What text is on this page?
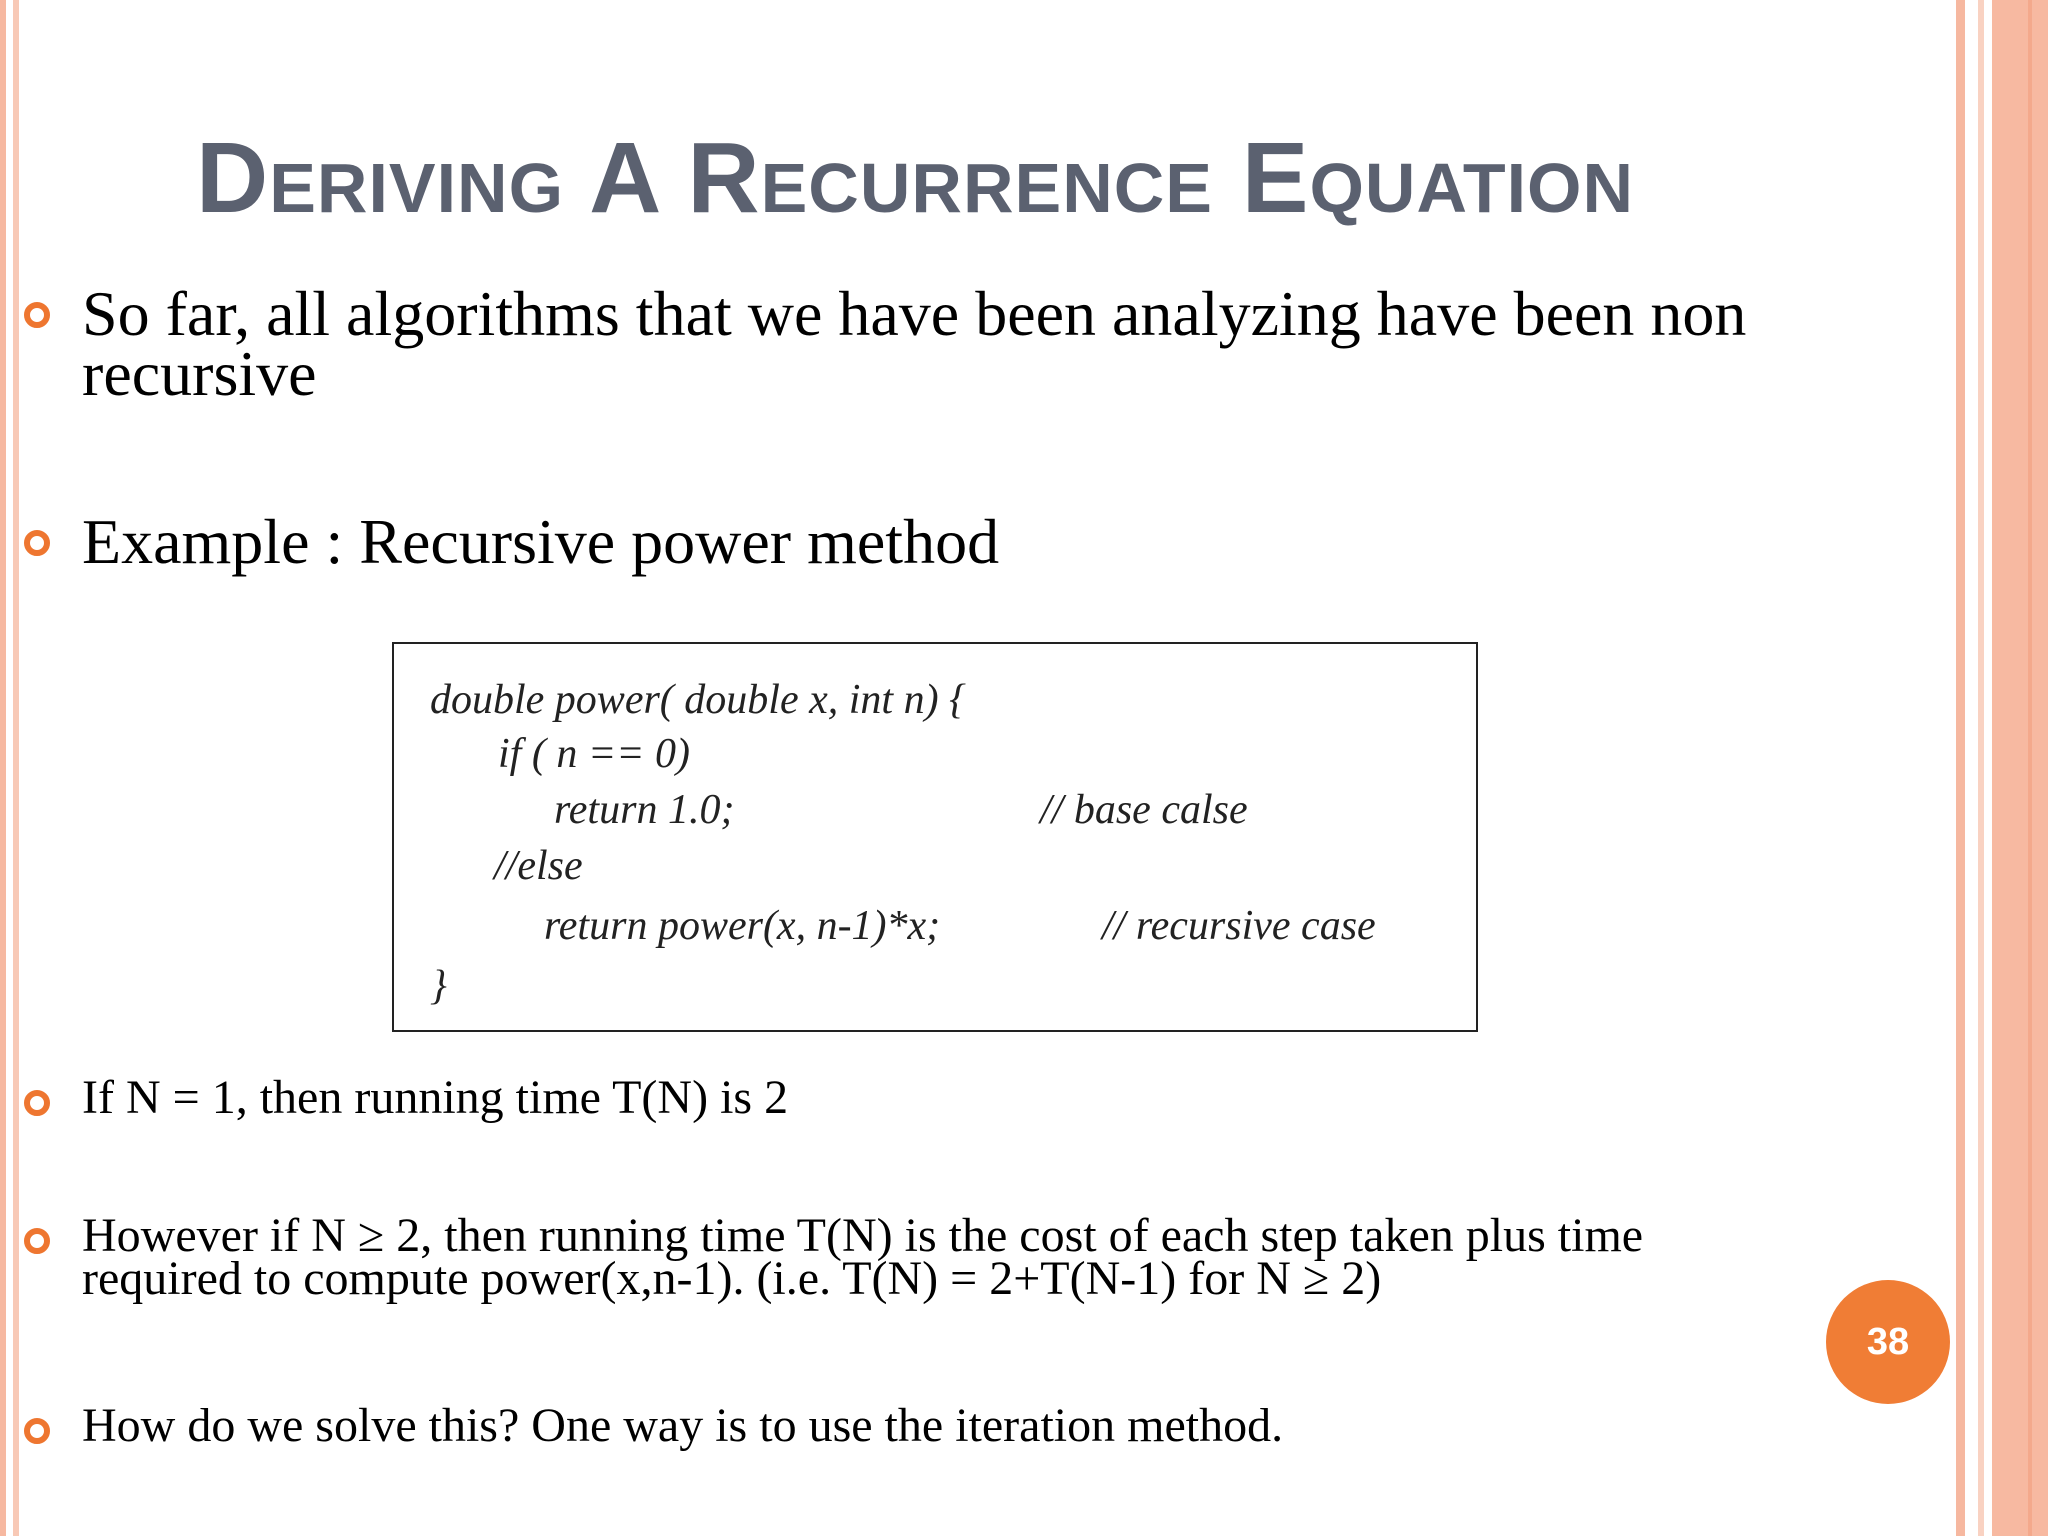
Deriving A Recurrence Equation
So far, all algorithms that we have been analyzing have been non
recursive
Example : Recursive power method
double power( double x, int n) {
if ( n == 0)
return 1.0;	// base calse
//else
return power(x, n-1)*x;	// recursive case
}
If N = 1, then running time T(N) is 2
However if N ≥ 2, then running time T(N) is the cost of each step taken plus time
required to compute power(x,n-1). (i.e. T(N) = 2+T(N-1) for N ≥ 2)
How do we solve this? One way is to use the iteration method.
38
